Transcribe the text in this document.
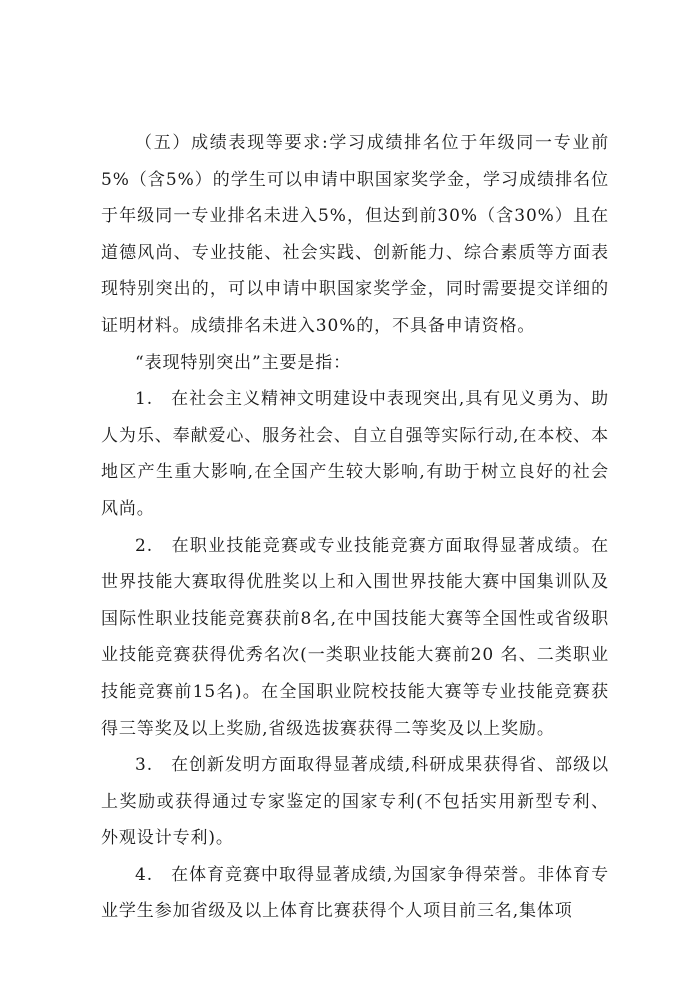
（五）成绩表现等要求:学习成绩排名位于年级同一专业前5%（含5%）的学生可以申请中职国家奖学金，学习成绩排名位于年级同一专业排名未进入5%，但达到前30%（含30%）且在道德风尚、专业技能、社会实践、创新能力、综合素质等方面表现特别突出的，可以申请中职国家奖学金，同时需要提交详细的证明材料。成绩排名未进入30%的，不具备申请资格。

“表现特别突出”主要是指：

1.　在社会主义精神文明建设中表现突出,具有见义勇为、助人为乐、奉献爱心、服务社会、自立自强等实际行动,在本校、本地区产生重大影响,在全国产生较大影响,有助于树立良好的社会风尚。

2.　在职业技能竞赛或专业技能竞赛方面取得显著成绩。在世界技能大赛取得优胜奖以上和入围世界技能大赛中国集训队及国际性职业技能竞赛获前8名,在中国技能大赛等全国性或省级职业技能竞赛获得优秀名次(一类职业技能大赛前20 名、二类职业技能竞赛前15名)。在全国职业院校技能大赛等专业技能竞赛获得三等奖及以上奖励,省级选拔赛获得二等奖及以上奖励。

3.　在创新发明方面取得显著成绩,科研成果获得省、部级以上奖励或获得通过专家鉴定的国家专利(不包括实用新型专利、外观设计专利)。

4.　在体育竞赛中取得显著成绩,为国家争得荣誉。非体育专业学生参加省级及以上体育比赛获得个人项目前三名,集体项
